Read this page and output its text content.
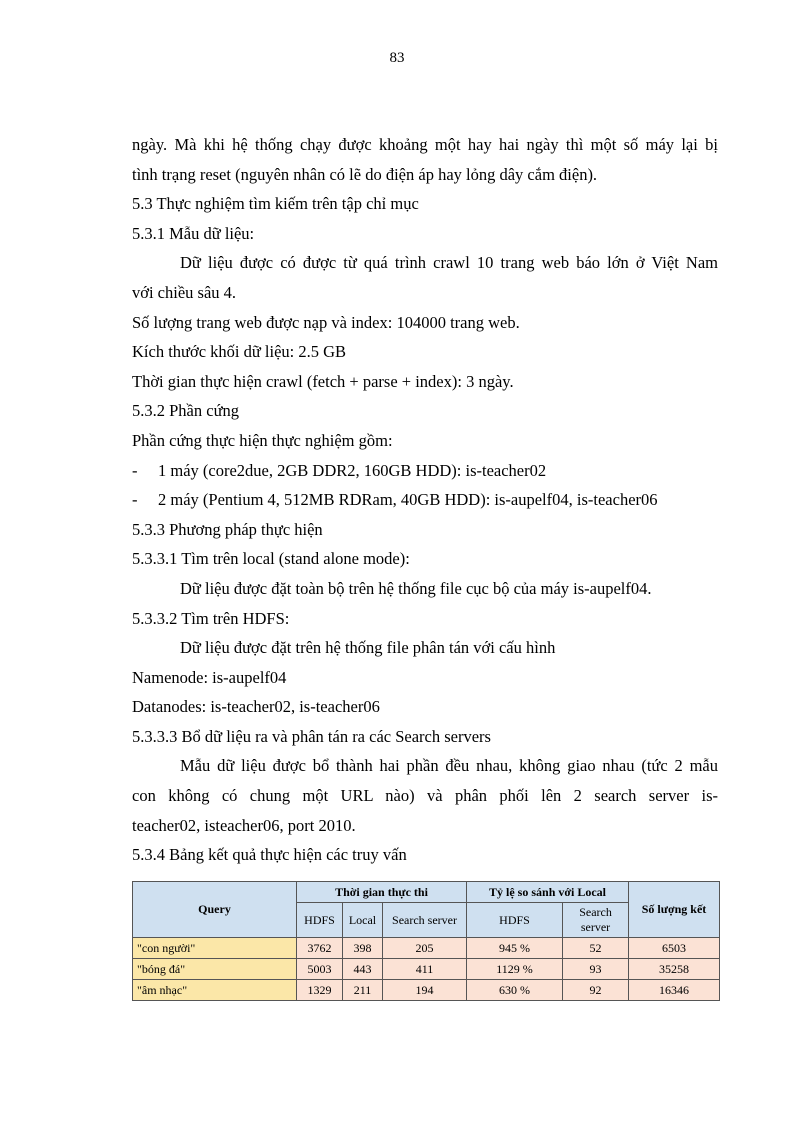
83
ngày. Mà khi hệ thống chạy được khoảng một hay hai ngày thì một số máy lại bị
tình trạng reset (nguyên nhân có lẽ do điện áp hay lỏng dây cắm điện).
5.3 Thực nghiệm tìm kiếm trên tập chỉ mục
5.3.1 Mẫu dữ liệu:
Dữ liệu được có được từ quá trình crawl 10 trang web báo lớn ở Việt Nam
với chiều sâu 4.
Số lượng trang web được nạp và index: 104000 trang web.
Kích thước khối dữ liệu: 2.5 GB
Thời gian thực hiện crawl (fetch + parse + index): 3 ngày.
5.3.2 Phần cứng
Phần cứng thực hiện thực nghiệm gồm:
- 1 máy (core2due, 2GB DDR2, 160GB HDD): is-teacher02
- 2 máy (Pentium 4, 512MB RDRam, 40GB HDD): is-aupelf04, is-teacher06
5.3.3 Phương pháp thực hiện
5.3.3.1 Tìm trên local (stand alone mode):
Dữ liệu được đặt toàn bộ trên hệ thống file cục bộ của máy is-aupelf04.
5.3.3.2 Tìm trên HDFS:
Dữ liệu được đặt trên hệ thống file phân tán với cấu hình
Namenode: is-aupelf04
Datanodes: is-teacher02, is-teacher06
5.3.3.3 Bổ dữ liệu ra và phân tán ra các Search servers
Mẫu dữ liệu được bổ thành hai phần đều nhau, không giao nhau (tức 2 mẫu
con không có chung một URL nào) và phân phối lên 2 search server is-
teacher02, isteacher06, port 2010.
5.3.4 Bảng kết quả thực hiện các truy vấn
Query	Thời gian thực thi			Tỷ lệ so sánh với Local		Số lượng kết
	HDFS	Local	Search server	HDFS	Search server	
"con người"	3762	398	205	945 %	52	6503
"bóng đá"	5003	443	411	1129 %	93	35258
"âm nhạc"	1329	211	194	630 %	92	16346
